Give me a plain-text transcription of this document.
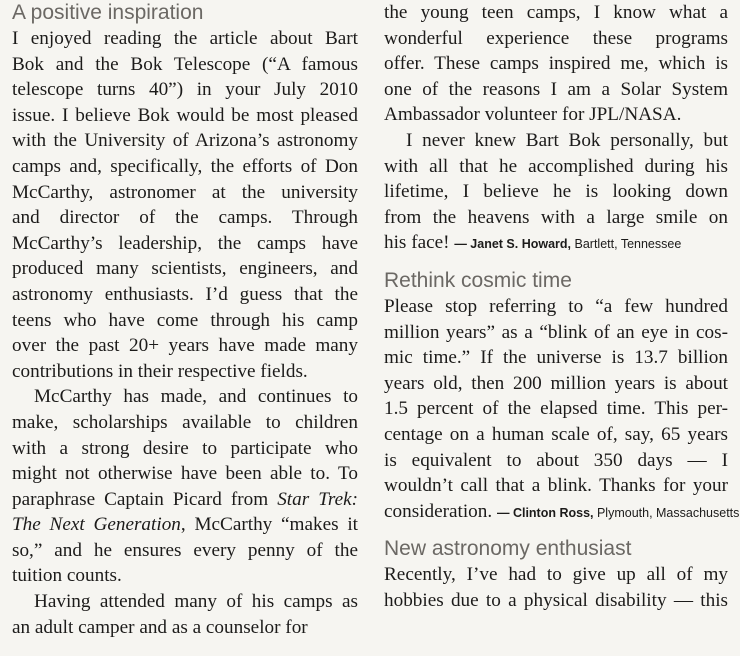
A positive inspiration
I enjoyed reading the article about Bart
Bok and the Bok Telescope (“A famous
telescope turns 40”) in your July 2010
issue. I believe Bok would be most pleased
with the University of Arizona’s astronomy
camps and, specifically, the efforts of Don
McCarthy, astronomer at the university
and director of the camps. Through
McCarthy’s leadership, the camps have
produced many scientists, engineers, and
astronomy enthusiasts. I’d guess that the
teens who have come through his camp
over the past 20+ years have made many
contributions in their respective fields.
McCarthy has made, and continues to
make, scholarships available to children
with a strong desire to participate who
might not otherwise have been able to. To
paraphrase Captain Picard from Star Trek:
The Next Generation, McCarthy “makes it
so,” and he ensures every penny of the
tuition counts.
Having attended many of his camps as
an adult camper and as a counselor for
the young teen camps, I know what a
wonderful experience these programs
offer. These camps inspired me, which is
one of the reasons I am a Solar System
Ambassador volunteer for JPL/NASA.
I never knew Bart Bok personally, but
with all that he accomplished during his
lifetime, I believe he is looking down
from the heavens with a large smile on
his face! — Janet S. Howard, Bartlett, Tennessee
Rethink cosmic time
Please stop referring to “a few hundred
million years” as a “blink of an eye in cos-
mic time.” If the universe is 13.7 billion
years old, then 200 million years is about
1.5 percent of the elapsed time. This per-
centage on a human scale of, say, 65 years
is equivalent to about 350 days — I
wouldn’t call that a blink. Thanks for your
consideration. — Clinton Ross, Plymouth, Massachusetts
New astronomy enthusiast
Recently, I’ve had to give up all of my
hobbies due to a physical disability — this
